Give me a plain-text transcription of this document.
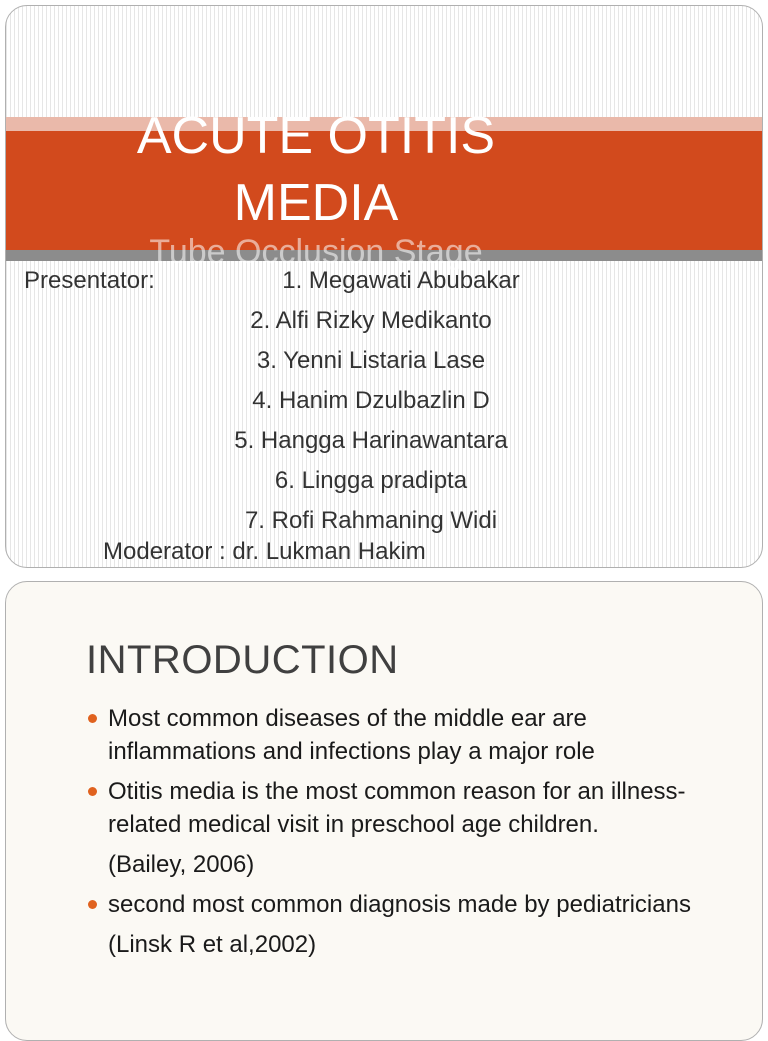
ACUTE OTITIS
MEDIA
Tube Occlusion Stage
Presentator:	1. Megawati Abubakar
2. Alfi Rizky Medikanto
3. Yenni Listaria Lase
4. Hanim Dzulbazlin D
5. Hangga Harinawantara
6. Lingga pradipta
7. Rofi Rahmaning Widi
Moderator : dr. Lukman Hakim
INTRODUCTION
Most common diseases of the middle ear are inflammations and infections play a major role
Otitis media is the most common reason for an illness-related medical visit in preschool age children.
(Bailey, 2006)
second most common diagnosis made by pediatricians
(Linsk R et al,2002)
